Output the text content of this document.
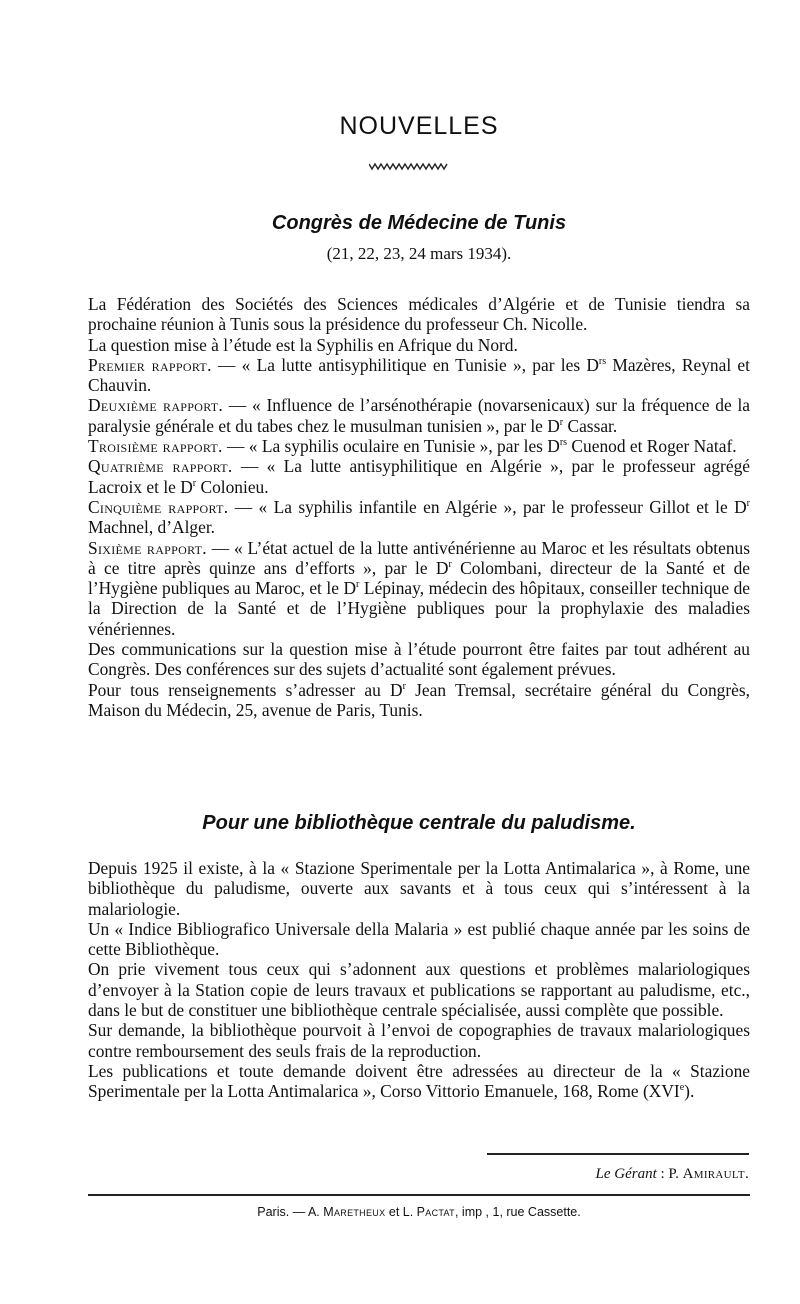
NOUVELLES
Congrès de Médecine de Tunis
(21, 22, 23, 24 mars 1934).

La Fédération des Sociétés des Sciences médicales d’Algérie et de Tunisie tiendra sa prochaine réunion à Tunis sous la présidence du professeur Ch. Nicolle.

La question mise à l’étude est la Syphilis en Afrique du Nord.

Premier rapport. — « La lutte antisyphilitique en Tunisie », par les $D^{rs}$ Mazères, Reynal et Chauvin.

Deuxième rapport. — « Influence de l’arsénothérapie (novarsenicaux) sur la fréquence de la paralysie générale et du tabes chez le musulman tunisien », par le $D^r$ Cassar.

Troisième rapport. — « La syphilis oculaire en Tunisie », par les $D^{rs}$ Cuenod et Roger Nataf.

Quatrième rapport. — « La lutte antisyphilitique en Algérie », par le professeur agrégé Lacroix et le $D^r$ Colonieu.

Cinquième rapport. — « La syphilis infantile en Algérie », par le professeur Gillot et le $D^r$ Machnel, d’Alger.

Sixième rapport. — « L’état actuel de la lutte antivénérienne au Maroc et les résultats obtenus à ce titre après quinze ans d’efforts », par le $D^r$ Colombani, directeur de la Santé et de l’Hygiène publiques au Maroc, et le $D^r$ Lépinay, médecin des hôpitaux, conseiller technique de la Direction de la Santé et de l’Hygiène publiques pour la prophylaxie des maladies vénériennes.

Des communications sur la question mise à l’étude pourront être faites par tout adhérent au Congrès. Des conférences sur des sujets d’actualité sont également prévues.

Pour tous renseignements s’adresser au $D^r$ Jean Tremsal, secrétaire général du Congrès, Maison du Médecin, 25, avenue de Paris, Tunis.

Pour une bibliothèque centrale du paludisme.

Depuis 1925 il existe, à la « Stazione Sperimentale per la Lotta Antimalarica », à Rome, une bibliothèque du paludisme, ouverte aux savants et à tous ceux qui s’intéressent à la malariologie.

Un « Indice Bibliografico Universale della Malaria » est publié chaque année par les soins de cette Bibliothèque.

On prie vivement tous ceux qui s’adonnent aux questions et problèmes malariologiques d’envoyer à la Station copie de leurs travaux et publications se rapportant au paludisme, etc., dans le but de constituer une bibliothèque centrale spécialisée, aussi complète que possible.

Sur demande, la bibliothèque pourvoit à l’envoi de copographies de travaux malariologiques contre remboursement des seuls frais de la reproduction.

Les publications et toute demande doivent être adressées au directeur de la « Stazione Sperimentale per la Lotta Antimalarica », Corso Vittorio Emanuele, 168, Rome (XVIe).

Le Gérant : P. Amirault.
Paris. — A. Maretheux et L. Pactat, imp , 1, rue Cassette.
